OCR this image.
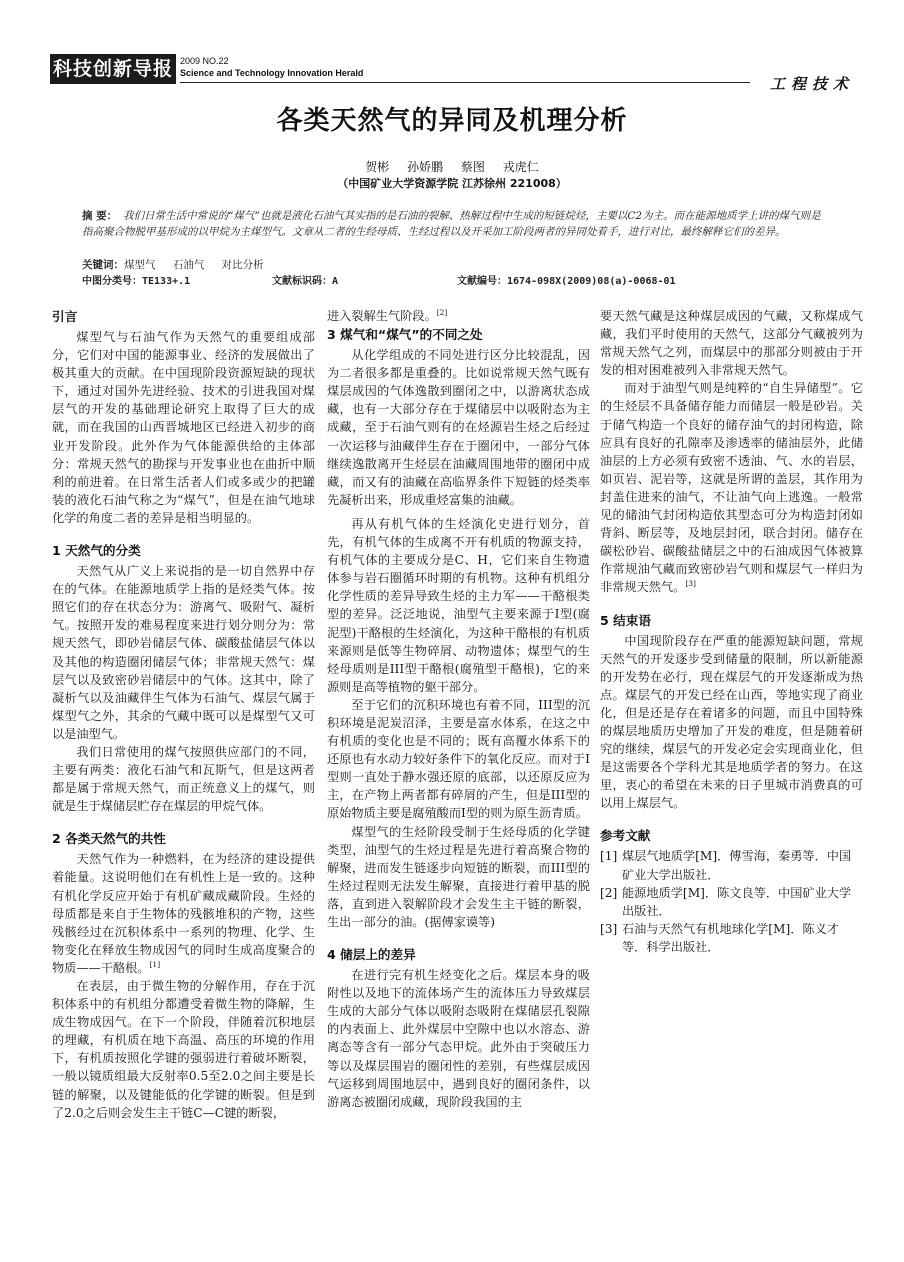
科技创新导报 2009 NO.22
Science and Technology Innovation Herald
工程技术
各类天然气的异同及机理分析
贺彬 孙娇鹏 蔡图 戎虎仁
（中国矿业大学资源学院 江苏徐州 221008）
摘 要： 我们日常生活中常说的“煤气”也就是液化石油气其实指的是石油的裂解、热解过程中生成的短链烷烃，主要以C2为主。而在能源地质学上讲的煤气则是指高聚合物脱甲基形成的以甲烷为主煤型气。文章从二者的生经母质、生经过程以及开采加工阶段两者的异同处着手，进行对比，最终解释它们的差异。
关键词：煤型气 石油气 对比分析
中图分类号：TE133+.1	文献标识码：A	文献编号：1674-098X(2009)08(a)-0068-01
引言

煤型气与石油气作为天然气的重要组成部分，它们对中国的能源事业、经济的发展做出了极其重大的贡献。在中国现阶段资源短缺的现状下，通过对国外先进经验、技术的引进我国对煤层气的开发的基础理论研究上取得了巨大的成就，而在我国的山西晋城地区已经进入初步的商业开发阶段。此外作为气体能源供给的主体部分：常规天然气的勘探与开发事业也在曲折中顺利的前进着。在日常生活者人们或多或少的把罐装的液化石油气称之为“煤气”，但是在油气地球化学的角度二者的差异是相当明显的。

1 天然气的分类

天然气从广义上来说指的是一切自然界中存在的气体。在能源地质学上指的是烃类气体。按照它们的存在状态分为：游离气、吸附气、凝析气。按照开发的难易程度来进行划分则分为：常规天然气，即砂岩储层气体、碳酸盐储层气体以及其他的构造圈闭储层气体；非常规天然气：煤层气以及致密砂岩储层中的气体。这其中，除了凝析气以及油藏伴生气体为石油气、煤层气属于煤型气之外，其余的气藏中既可以是煤型气又可以是油型气。

我们日常使用的煤气按照供应部门的不同，主要有两类：液化石油气和瓦斯气，但是这两者都是属于常规天然气，而正统意义上的煤气，则就是生于煤储层贮存在煤层的甲烷气体。

2 各类天然气的共性

天然气作为一种燃料，在为经济的建设提供着能量。这说明他们在有机性上是一致的。这种有机化学反应开始于有机矿藏成藏阶段。生烃的母质都是来自于生物体的残骸堆积的产物，这些残骸经过在沉积体系中一系列的物理、化学、生物变化在释放生物成因气的同时生成高度聚合的物质——干酪根。[1]

在表层，由于微生物的分解作用，存在于沉积体系中的有机组分都遭受着微生物的降解，生成生物成因气。在下一个阶段，伴随着沉积地层的埋藏，有机质在地下高温、高压的环境的作用下，有机质按照化学键的强弱进行着破坏断裂，一般以镜质组最大反射率0.5至2.0之间主要是长链的解聚，以及键能低的化学键的断裂。但是到了2.0之后则会发生主干链C—C键的断裂，

进入裂解生气阶段。[2]

3 煤气和“煤气”的不同之处

从化学组成的不同处进行区分比较混乱，因为二者很多都是重叠的。比如说常规天然气既有煤层成因的气体逸散到圈闭之中，以游离状态成藏，也有一大部分存在于煤储层中以吸附态为主成藏，至于石油气则有的在烃源岩生烃之后经过一次运移与油藏伴生存在于圈闭中，一部分气体继续逸散离开生烃层在油藏周围地带的圈闭中成藏，而又有的油藏在高临界条件下短链的烃类率先凝析出来，形成重烃富集的油藏。

再从有机气体的生烃演化史进行划分，首先，有机气体的生成离不开有机质的物源支持，有机气体的主要成分是C、H，它们来自生物遗体参与岩石圈循环时期的有机物。这种有机组分化学性质的差异导致生烃的主力军——干酪根类型的差异。泛泛地说，油型气主要来源于I型(腐泥型)干酪根的生烃演化，为这种干酪根的有机质来源则是低等生物碎屑、动物遗体；煤型气的生烃母质则是III型干酪根(腐殖型干酪根)，它的来源则是高等植物的躯干部分。

至于它们的沉积环境也有着不同，III型的沉积环境是泥炭沼泽，主要是富水体系，在这之中有机质的变化也是不同的；既有高覆水体系下的还原也有水动力较好条件下的氧化反应。而对于I型则一直处于静水强还原的底部，以还原反应为主，在产物上两者都有碎屑的产生，但是III型的原始物质主要是腐殖酸而I型的则为原生沥青质。

煤型气的生烃阶段受制于生烃母质的化学键类型，油型气的生烃过程是先进行着高聚合物的解聚，进而发生链逐步向短链的断裂，而III型的生烃过程则无法发生解聚，直接进行着甲基的脱落，直到进入裂解阶段才会发生主干链的断裂，生出一部分的油。(据傅家谟等)

4 储层上的差异

在进行完有机生烃变化之后。煤层本身的吸附性以及地下的流体场产生的流体压力导致煤层生成的大部分气体以吸附态吸附在煤储层孔裂隙的内表面上、此外煤层中空隙中也以水溶态、游离态等含有一部分气态甲烷。此外由于突破压力等以及煤层围岩的圈闭性的差别，有些煤层成因气运移到周围地层中，遇到良好的圈闭条件，以游离态被圈闭成藏，现阶段我国的主

要天然气藏是这种煤层成因的气藏，又称煤成气藏，我们平时使用的天然气，这部分气藏被列为常规天然气之列，而煤层中的那部分则被由于开发的相对困难被列入非常规天然气。

而对于油型气则是纯粹的“自生异储型”。它的生烃层不具备储存能力而储层一般是砂岩。关于储气构造一个良好的储存油气的封闭构造，除应具有良好的孔隙率及渗透率的储油层外，此储油层的上方必须有致密不透油、气、水的岩层，如页岩、泥岩等，这就是所谓的盖层，其作用为封盖住进来的油气，不让油气向上逃逸。一般常见的储油气封闭构造依其型态可分为构造封闭如背斜、断层等，及地层封闭，联合封闭。储存在碳松砂岩、碳酸盐储层之中的石油成因气体被算作常规油气藏而致密砂岩气则和煤层气一样归为非常规天然气。[3]

5 结束语

中国现阶段存在严重的能源短缺问题，常规天然气的开发逐步受到储量的限制，所以新能源的开发势在必行，现在煤层气的开发逐渐成为热点。煤层气的开发已经在山西，等地实现了商业化，但是还是存在着诸多的问题，而且中国特殊的煤层地质历史增加了开发的难度，但是随着研究的继续，煤层气的开发必定会实现商业化，但是这需要各个学科尤其是地质学者的努力。在这里，衷心的希望在未来的日子里城市消费真的可以用上煤层气。

参考文献
[1] 煤层气地质学[M]．傅雪海，秦勇等．中国矿业大学出版社．
[2] 能源地质学[M]．陈文良等．中国矿业大学出版社．
[3] 石油与天然气有机地球化学[M]．陈义才等．科学出版社．
